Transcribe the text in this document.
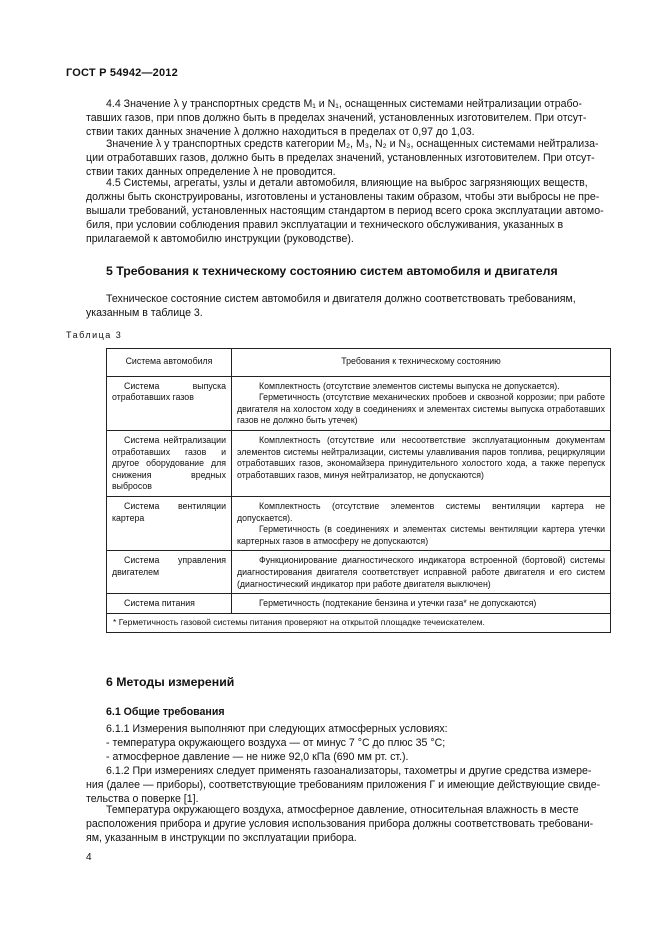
ГОСТ Р 54942—2012
4.4 Значение λ у транспортных средств M₁ и N₁, оснащенных системами нейтрализации отрабо-
тавших газов, при nпов должно быть в пределах значений, установленных изготовителем. При отсут-
ствии таких данных значение λ должно находиться в пределах от 0,97 до 1,03.
Значение λ у транспортных средств категории M₂, M₃, N₂ и N₃, оснащенных системами нейтрализа-
ции отработавших газов, должно быть в пределах значений, установленных изготовителем. При отсут-
ствии таких данных определение λ не проводится.
4.5 Системы, агрегаты, узлы и детали автомобиля, влияющие на выброс загрязняющих веществ,
должны быть сконструированы, изготовлены и установлены таким образом, чтобы эти выбросы не пре-
вышали требований, установленных настоящим стандартом в период всего срока эксплуатации автомо-
биля, при условии соблюдения правил эксплуатации и технического обслуживания, указанных в
прилагаемой к автомобилю инструкции (руководстве).
5 Требования к техническому состоянию систем автомобиля и двигателя
Техническое состояние систем автомобиля и двигателя должно соответствовать требованиям,
указанным в таблице 3.
Таблица 3
Система автомобиля	Требования к техническому состоянию

Система выпуска отработавших газов	Комплектность (отсутствие элементов системы выпуска не допускается).
Герметичность (отсутствие механических пробоев и сквозной коррозии; при работе двигателя на холостом ходу в соединениях и элементах системы выпуска отработавших газов не должно быть утечек)

Система нейтрализации отработавших газов и другое оборудование для снижения вредных выбросов	Комплектность (отсутствие или несоответствие эксплуатационным документам элементов системы нейтрализации, системы улавливания паров топлива, рециркуляции отработавших газов, экономайзера принудительного холостого хода, а также перепуск отработавших газов, минуя нейтрализатор, не допускаются)

Система вентиляции картера	Комплектность (отсутствие элементов системы вентиляции картера не допускается).
Герметичность (в соединениях и элементах системы вентиляции картера утечки картерных газов в атмосферу не допускаются)

Система управления двигателем	Функционирование диагностического индикатора встроенной (бортовой) системы диагностирования двигателя соответствует исправной работе двигателя и его систем (диагностический индикатор при работе двигателя выключен)

Система питания	Герметичность (подтекание бензина и утечки газа* не допускаются)

* Герметичность газовой системы питания проверяют на открытой площадке течеискателем.	
6 Методы измерений
6.1 Общие требования
6.1.1 Измерения выполняют при следующих атмосферных условиях:
- температура окружающего воздуха — от минус 7 °С до плюс 35 °С;
- атмосферное давление — не ниже 92,0 кПа (690 мм рт. ст.).
6.1.2 При измерениях следует применять газоанализаторы, тахометры и другие средства измере-
ния (далее — приборы), соответствующие требованиям приложения Г и имеющие действующие свиде-
тельства о поверке [1].
Температура окружающего воздуха, атмосферное давление, относительная влажность в месте
расположения прибора и другие условия использования прибора должны соответствовать требовани-
ям, указанным в инструкции по эксплуатации прибора.
4
